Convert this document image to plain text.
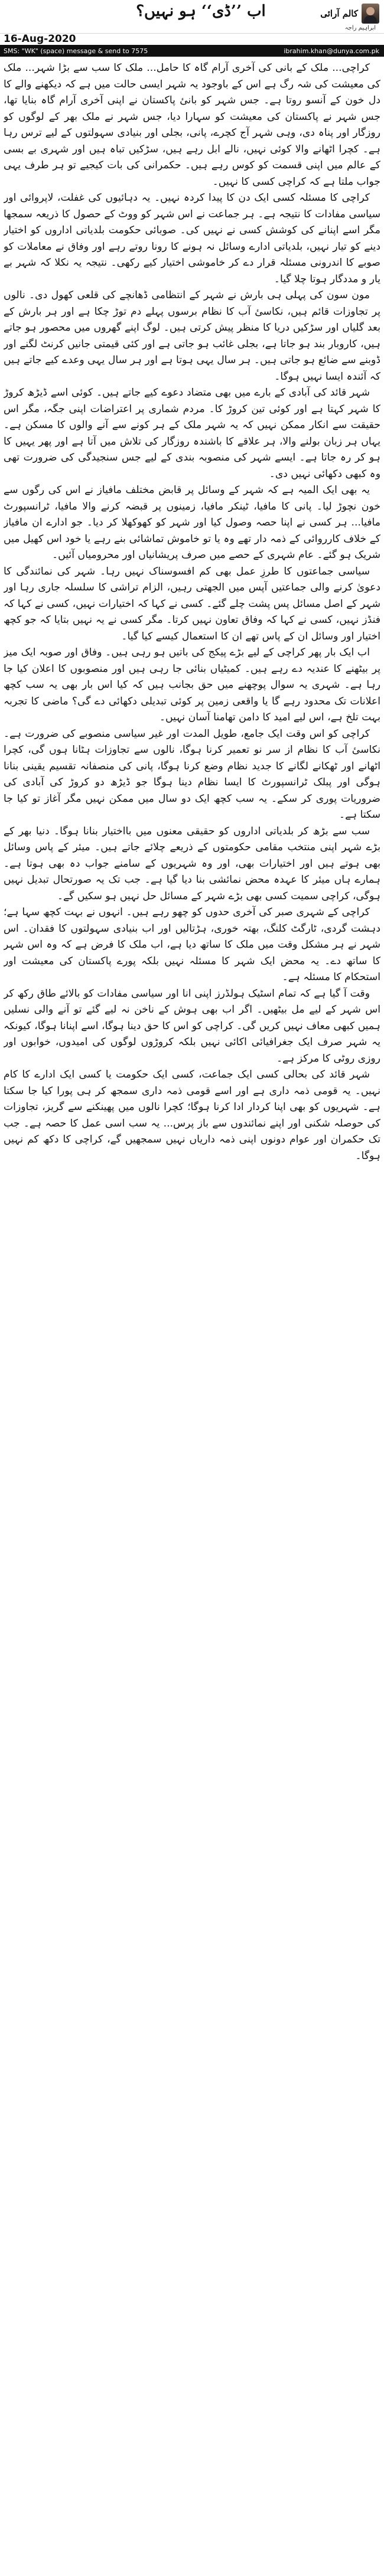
کالم آرائی
ابراہیم راجہ
اب ’’ڈی‘‘ ہو نہیں؟
16-Aug-2020
SMS: "WK" (space) message & send to 7575	ibrahim.khan@dunya.com.pk

کراچی... ملک کے بانی کی آخری آرام گاہ کا حامل... ملک کا سب سے بڑا شہر... ملک کی معیشت کی شہ رگ ہے اس کے باوجود یہ شہر ایسی حالت میں ہے کہ دیکھنے والے کا دل خون کے آنسو روتا ہے۔ جس شہر کو بانیٔ پاکستان نے اپنی آخری آرام گاہ بنایا تھا، جس شہر نے پاکستان کی معیشت کو سہارا دیا، جس شہر نے ملک بھر کے لوگوں کو روزگار اور پناہ دی، وہی شہر آج کچرے، پانی، بجلی اور بنیادی سہولتوں کے لیے ترس رہا ہے۔ کچرا اٹھانے والا کوئی نہیں، نالے ابل رہے ہیں، سڑکیں تباہ ہیں اور شہری بے بسی کے عالم میں اپنی قسمت کو کوس رہے ہیں۔ حکمرانی کی بات کیجیے تو ہر طرف یہی جواب ملتا ہے کہ کراچی کسی کا نہیں۔

کراچی کا مسئلہ کسی ایک دن کا پیدا کردہ نہیں۔ یہ دہائیوں کی غفلت، لاپروائی اور سیاسی مفادات کا نتیجہ ہے۔ ہر جماعت نے اس شہر کو ووٹ کے حصول کا ذریعہ سمجھا مگر اسے اپنانے کی کوشش کسی نے نہیں کی۔ صوبائی حکومت بلدیاتی اداروں کو اختیار دینے کو تیار نہیں، بلدیاتی ادارے وسائل نہ ہونے کا رونا روتے رہے اور وفاق نے معاملات کو صوبے کا اندرونی مسئلہ قرار دے کر خاموشی اختیار کیے رکھی۔ نتیجہ یہ نکلا کہ شہر بے یار و مددگار ہوتا چلا گیا۔

مون سون کی پہلی ہی بارش نے شہر کے انتظامی ڈھانچے کی قلعی کھول دی۔ نالوں پر تجاوزات قائم ہیں، نکاسیٔ آب کا نظام برسوں پہلے دم توڑ چکا ہے اور ہر بارش کے بعد گلیاں اور سڑکیں دریا کا منظر پیش کرتی ہیں۔ لوگ اپنے گھروں میں محصور ہو جاتے ہیں، کاروبار بند ہو جاتا ہے، بجلی غائب ہو جاتی ہے اور کئی قیمتی جانیں کرنٹ لگنے اور ڈوبنے سے ضائع ہو جاتی ہیں۔ ہر سال یہی ہوتا ہے اور ہر سال یہی وعدے کیے جاتے ہیں کہ آئندہ ایسا نہیں ہوگا۔

شہر قائد کی آبادی کے بارے میں بھی متضاد دعوے کیے جاتے ہیں۔ کوئی اسے ڈیڑھ کروڑ کا شہر کہتا ہے اور کوئی تین کروڑ کا۔ مردم شماری پر اعتراضات اپنی جگہ، مگر اس حقیقت سے انکار ممکن نہیں کہ یہ شہر ملک کے ہر کونے سے آنے والوں کا مسکن ہے۔ یہاں ہر زبان بولنے والا، ہر علاقے کا باشندہ روزگار کی تلاش میں آتا ہے اور پھر یہیں کا ہو کر رہ جاتا ہے۔ ایسے شہر کی منصوبہ بندی کے لیے جس سنجیدگی کی ضرورت تھی وہ کبھی دکھائی نہیں دی۔

یہ بھی ایک المیہ ہے کہ شہر کے وسائل پر قابض مختلف مافیاز نے اس کی رگوں سے خون نچوڑ لیا۔ پانی کا مافیا، ٹینکر مافیا، زمینوں پر قبضہ کرنے والا مافیا، ٹرانسپورٹ مافیا... ہر کسی نے اپنا حصہ وصول کیا اور شہر کو کھوکھلا کر دیا۔ جو ادارے ان مافیاز کے خلاف کارروائی کے ذمہ دار تھے وہ یا تو خاموش تماشائی بنے رہے یا خود اس کھیل میں شریک ہو گئے۔ عام شہری کے حصے میں صرف پریشانیاں اور محرومیاں آئیں۔

سیاسی جماعتوں کا طرزِ عمل بھی کم افسوسناک نہیں رہا۔ شہر کی نمائندگی کا دعویٰ کرنے والی جماعتیں آپس میں الجھتی رہیں، الزام تراشی کا سلسلہ جاری رہا اور شہر کے اصل مسائل پس پشت چلے گئے۔ کسی نے کہا کہ اختیارات نہیں، کسی نے کہا کہ فنڈز نہیں، کسی نے کہا کہ وفاق تعاون نہیں کرتا۔ مگر کسی نے یہ نہیں بتایا کہ جو کچھ اختیار اور وسائل ان کے پاس تھے ان کا استعمال کیسے کیا گیا۔

اب ایک بار پھر کراچی کے لیے بڑے پیکج کی باتیں ہو رہی ہیں۔ وفاق اور صوبہ ایک میز پر بیٹھنے کا عندیہ دے رہے ہیں۔ کمیٹیاں بنائی جا رہی ہیں اور منصوبوں کا اعلان کیا جا رہا ہے۔ شہری یہ سوال پوچھنے میں حق بجانب ہیں کہ کیا اس بار بھی یہ سب کچھ اعلانات تک محدود رہے گا یا واقعی زمین پر کوئی تبدیلی دکھائی دے گی؟ ماضی کا تجربہ بہت تلخ ہے، اس لیے امید کا دامن تھامنا آسان نہیں۔

کراچی کو اس وقت ایک جامع، طویل المدت اور غیر سیاسی منصوبے کی ضرورت ہے۔ نکاسیٔ آب کا نظام از سر نو تعمیر کرنا ہوگا، نالوں سے تجاوزات ہٹانا ہوں گی، کچرا اٹھانے اور ٹھکانے لگانے کا جدید نظام وضع کرنا ہوگا، پانی کی منصفانہ تقسیم یقینی بنانا ہوگی اور پبلک ٹرانسپورٹ کا ایسا نظام دینا ہوگا جو ڈیڑھ دو کروڑ کی آبادی کی ضروریات پوری کر سکے۔ یہ سب کچھ ایک دو سال میں ممکن نہیں مگر آغاز تو کیا جا سکتا ہے۔

سب سے بڑھ کر بلدیاتی اداروں کو حقیقی معنوں میں بااختیار بنانا ہوگا۔ دنیا بھر کے بڑے شہر اپنی منتخب مقامی حکومتوں کے ذریعے چلائے جاتے ہیں۔ میئر کے پاس وسائل بھی ہوتے ہیں اور اختیارات بھی، اور وہ شہریوں کے سامنے جواب دہ بھی ہوتا ہے۔ ہمارے ہاں میئر کا عہدہ محض نمائشی بنا دیا گیا ہے۔ جب تک یہ صورتحال تبدیل نہیں ہوگی، کراچی سمیت کسی بھی بڑے شہر کے مسائل حل نہیں ہو سکیں گے۔

کراچی کے شہری صبر کی آخری حدوں کو چھو رہے ہیں۔ انہوں نے بہت کچھ سہا ہے؛ دہشت گردی، ٹارگٹ کلنگ، بھتہ خوری، ہڑتالیں اور اب بنیادی سہولتوں کا فقدان۔ اس شہر نے ہر مشکل وقت میں ملک کا ساتھ دیا ہے، اب ملک کا فرض ہے کہ وہ اس شہر کا ساتھ دے۔ یہ محض ایک شہر کا مسئلہ نہیں بلکہ پورے پاکستان کی معیشت اور استحکام کا مسئلہ ہے۔

وقت آ گیا ہے کہ تمام اسٹیک ہولڈرز اپنی انا اور سیاسی مفادات کو بالائے طاق رکھ کر اس شہر کے لیے مل بیٹھیں۔ اگر اب بھی ہوش کے ناخن نہ لیے گئے تو آنے والی نسلیں ہمیں کبھی معاف نہیں کریں گی۔ کراچی کو اس کا حق دینا ہوگا، اسے اپنانا ہوگا، کیونکہ یہ شہر صرف ایک جغرافیائی اکائی نہیں بلکہ کروڑوں لوگوں کی امیدوں، خوابوں اور روزی روٹی کا مرکز ہے۔

شہر قائد کی بحالی کسی ایک جماعت، کسی ایک حکومت یا کسی ایک ادارے کا کام نہیں۔ یہ قومی ذمہ داری ہے اور اسے قومی ذمہ داری سمجھ کر ہی پورا کیا جا سکتا ہے۔ شہریوں کو بھی اپنا کردار ادا کرنا ہوگا؛ کچرا نالوں میں پھینکنے سے گریز، تجاوزات کی حوصلہ شکنی اور اپنے نمائندوں سے باز پرس... یہ سب اسی عمل کا حصہ ہے۔ جب تک حکمران اور عوام دونوں اپنی ذمہ داریاں نہیں سمجھیں گے، کراچی کا دکھ کم نہیں ہوگا۔
